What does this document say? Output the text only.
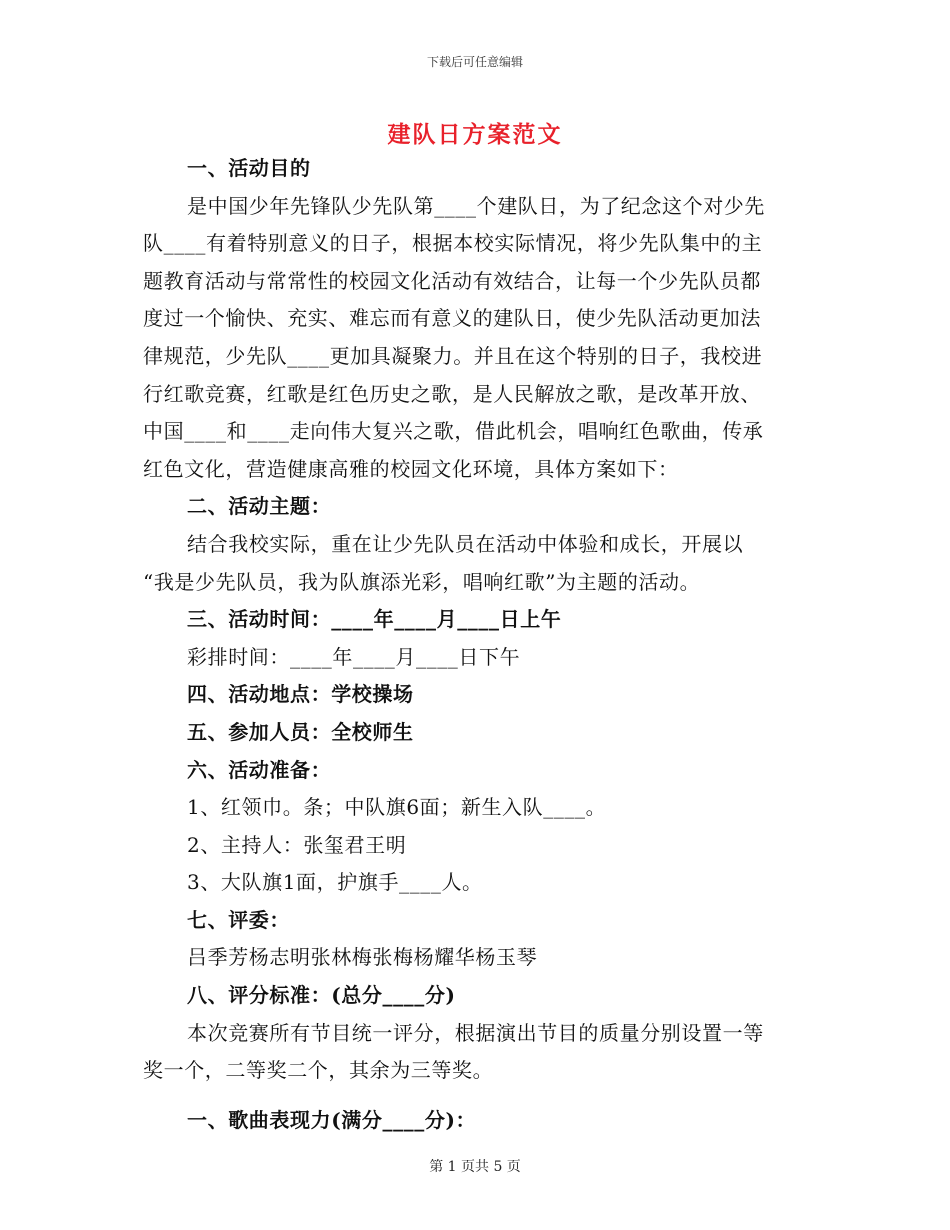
下载后可任意编辑
建队日方案范文
一、活动目的
是中国少年先锋队少先队第____个建队日，为了纪念这个对少先
队____有着特别意义的日子，根据本校实际情况，将少先队集中的主
题教育活动与常常性的校园文化活动有效结合，让每一个少先队员都
度过一个愉快、充实、难忘而有意义的建队日，使少先队活动更加法
律规范，少先队____更加具凝聚力。并且在这个特别的日子，我校进
行红歌竞赛，红歌是红色历史之歌，是人民解放之歌，是改革开放、
中国____和____走向伟大复兴之歌，借此机会，唱响红色歌曲，传承
红色文化，营造健康高雅的校园文化环境，具体方案如下：
二、活动主题：
结合我校实际，重在让少先队员在活动中体验和成长，开展以
“我是少先队员，我为队旗添光彩，唱响红歌”为主题的活动。
三、活动时间：____年____月____日上午
彩排时间：____年____月____日下午
四、活动地点：学校操场
五、参加人员：全校师生
六、活动准备：
1、红领巾。条；中队旗6面；新生入队____。
2、主持人：张玺君王明
3、大队旗1面，护旗手____人。
七、评委：
吕季芳杨志明张林梅张梅杨耀华杨玉琴
八、评分标准：(总分____分)
本次竞赛所有节目统一评分，根据演出节目的质量分别设置一等
奖一个，二等奖二个，其余为三等奖。
一、歌曲表现力(满分____分)：
第 1 页共 5 页
